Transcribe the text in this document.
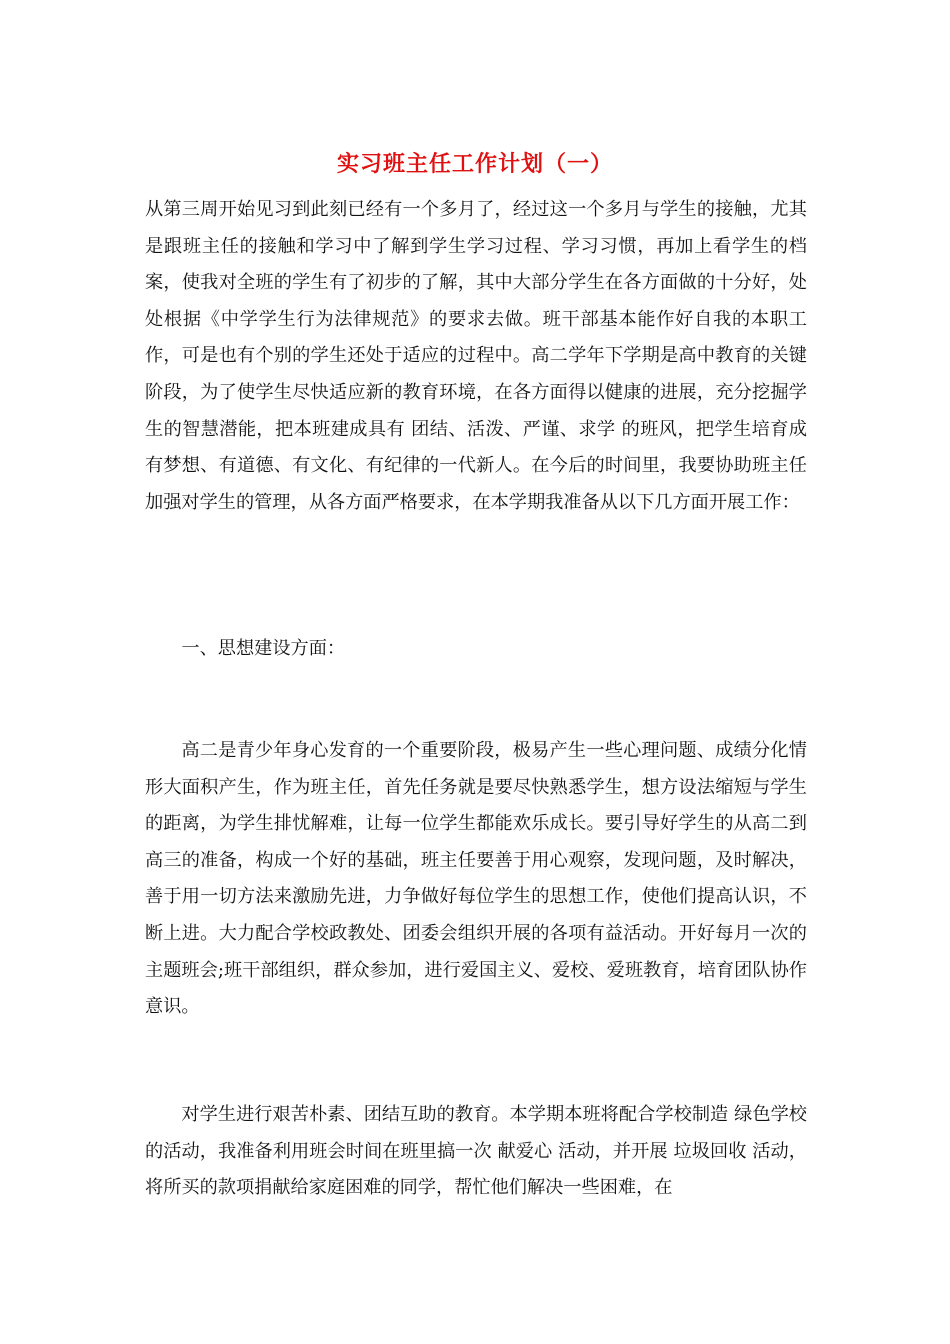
实习班主任工作计划（一）

从第三周开始见习到此刻已经有一个多月了，经过这一个多月与学生的接触，尤其是跟班主任的接触和学习中了解到学生学习过程、学习习惯，再加上看学生的档案，使我对全班的学生有了初步的了解，其中大部分学生在各方面做的十分好，处处根据《中学学生行为法律规范》的要求去做。班干部基本能作好自我的本职工作，可是也有个别的学生还处于适应的过程中。高二学年下学期是高中教育的关键阶段，为了使学生尽快适应新的教育环境，在各方面得以健康的进展，充分挖掘学生的智慧潜能，把本班建成具有 团结、活泼、严谨、求学 的班风，把学生培育成有梦想、有道德、有文化、有纪律的一代新人。在今后的时间里，我要协助班主任加强对学生的管理，从各方面严格要求，在本学期我准备从以下几方面开展工作：

一、思想建设方面：

高二是青少年身心发育的一个重要阶段，极易产生一些心理问题、成绩分化情形大面积产生，作为班主任，首先任务就是要尽快熟悉学生，想方设法缩短与学生的距离，为学生排忧解难，让每一位学生都能欢乐成长。要引导好学生的从高二到高三的准备，构成一个好的基础，班主任要善于用心观察，发现问题，及时解决，善于用一切方法来激励先进，力争做好每位学生的思想工作，使他们提高认识，不断上进。大力配合学校政教处、团委会组织开展的各项有益活动。开好每月一次的主题班会;班干部组织，群众参加，进行爱国主义、爱校、爱班教育，培育团队协作意识。

对学生进行艰苦朴素、团结互助的教育。本学期本班将配合学校制造 绿色学校 的活动，我准备利用班会时间在班里搞一次 献爱心 活动，并开展 垃圾回收 活动，将所买的款项捐献给家庭困难的同学，帮忙他们解决一些困难，在
